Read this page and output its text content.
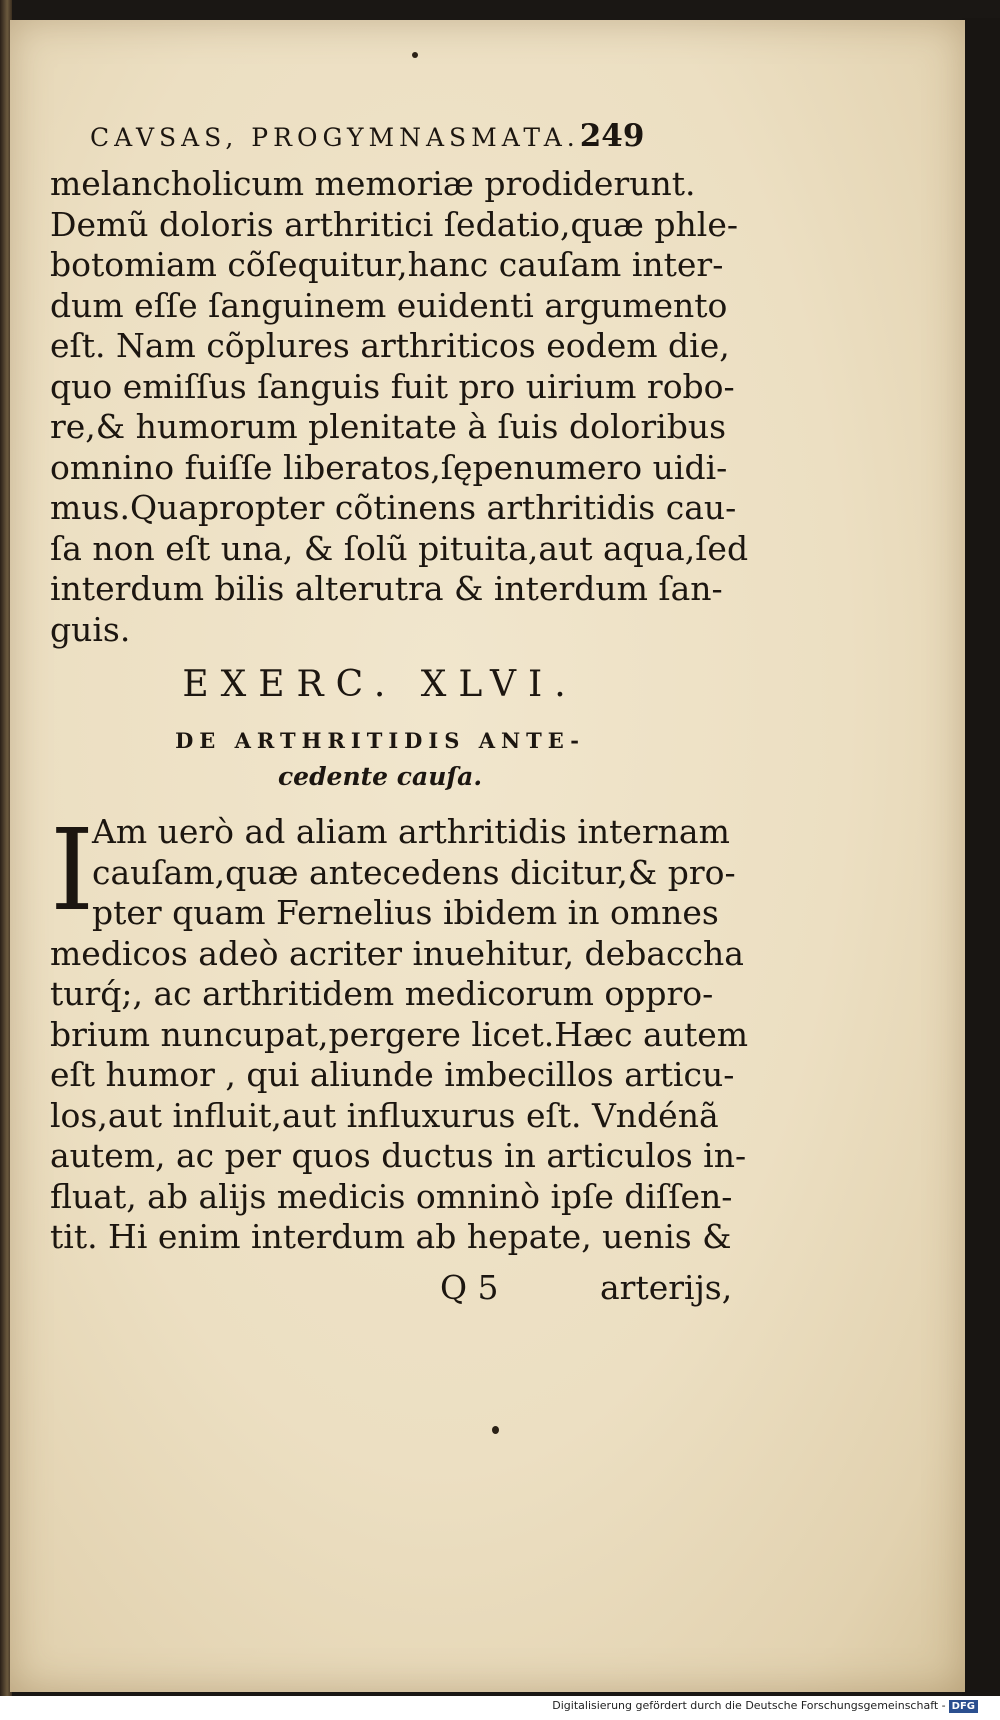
CAVSAS, PROGYMNASMATA.249
melancholicum memoriæ prodiderunt.
Demũ doloris arthritici ſedatio,quæ phle-
botomiam cõſequitur,hanc cauſam inter-
dum eſſe ſanguinem euidenti argumento
eſt. Nam cõplures arthriticos eodem die,
quo emiſſus ſanguis fuit pro uirium robo-
re,& humorum plenitate à ſuis doloribus
omnino fuiſſe liberatos,ſępenumero uidi-
mus.Quapropter cõtinens arthritidis cau-
ſa non eſt una, & ſolũ pituita,aut aqua,ſed
interdum bilis alterutra & interdum ſan-
guis.
EXERC. XLVI.
DE ARTHRITIDIS ANTE-
cedente cauſa.
I
Am uerò ad aliam arthritidis internam
cauſam,quæ antecedens dicitur,& pro-
pter quam Fernelius ibidem in omnes
medicos adeò acriter inuehitur, debaccha
turq́;, ac arthritidem medicorum oppro-
brium nuncupat,pergere licet.Hæc autem
eſt humor , qui aliunde imbecillos articu-
los,aut influit,aut influxurus eſt. Vndénã
autem, ac per quos ductus in articulos in-
fluat, ab alijs medicis omninò ipſe diſſen-
tit. Hi enim interdum ab hepate, uenis &
Q 5	arterijs,
Digitalisierung gefördert durch die Deutsche Forschungsgemeinschaft - DFG
